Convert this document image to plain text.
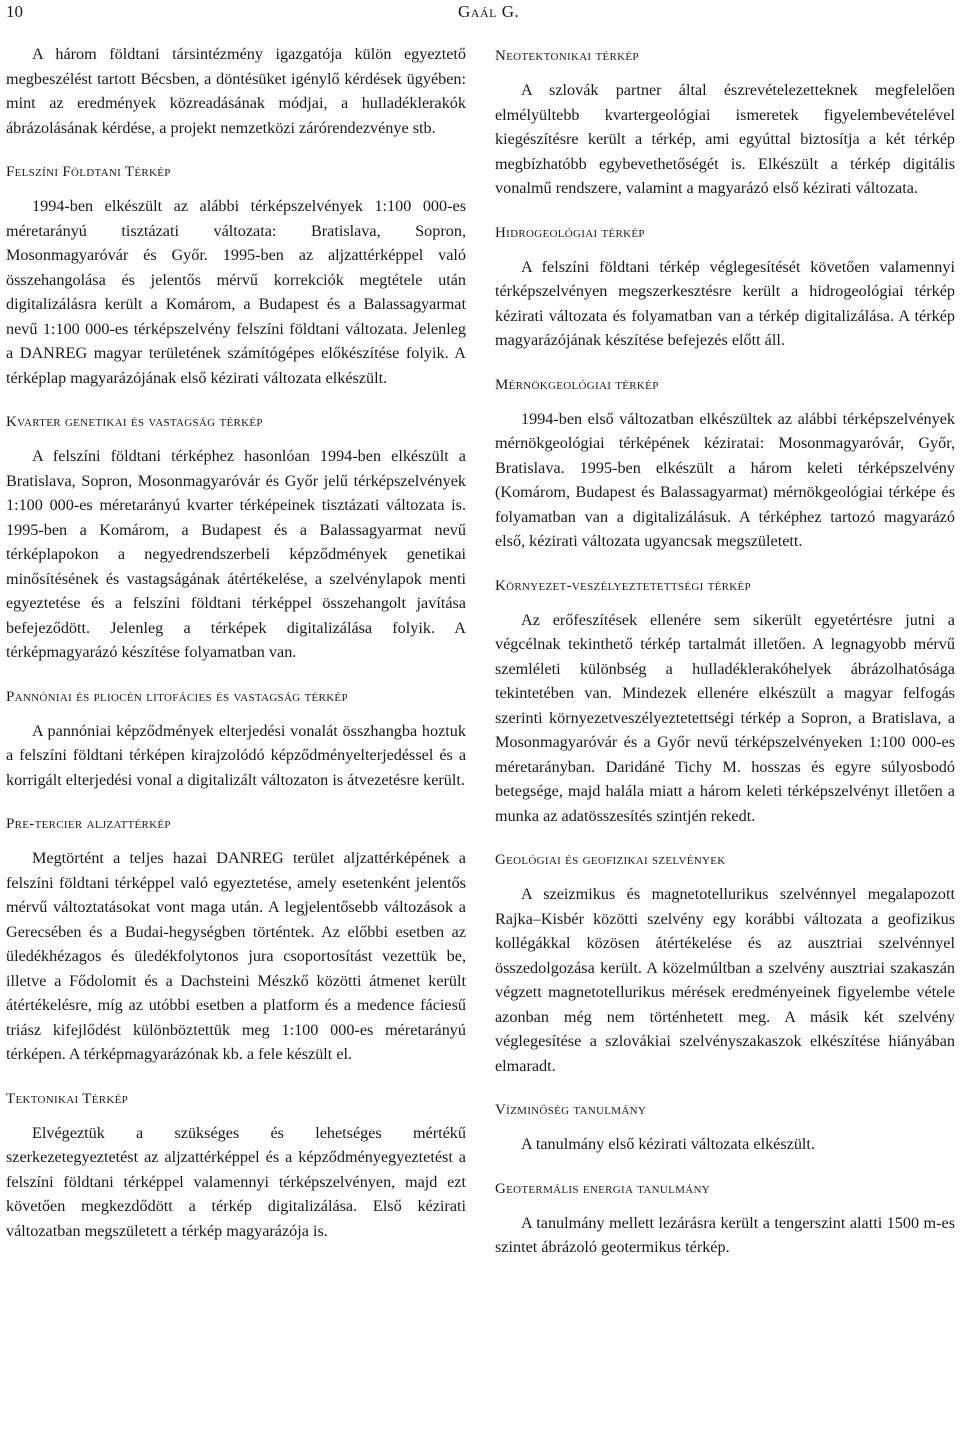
10	Gaál G.

A három földtani társintézmény igazgatója külön egyeztető megbeszélést tartott Bécsben, a döntésüket igénylő kérdések ügyében: mint az eredmények közreadásának módjai, a hulladéklerakók ábrázolásának kérdése, a projekt nemzetközi zárórendezvénye stb.

Felszíni Földtani Térkép

1994-ben elkészült az alábbi térképszelvények 1:100 000-es méretarányú tisztázati változata: Bratislava, Sopron, Mosonmagyaróvár és Győr. 1995-ben az aljzattérképpel való összehangolása és jelentős mérvű korrekciók megtétele után digitalizálásra került a Komárom, a Budapest és a Balassagyarmat nevű 1:100 000-es térképszelvény felszíni földtani változata. Jelenleg a DANREG magyar területének számítógépes előkészítése folyik. A térképlap magyarázójának első kézirati változata elkészült.

Kvarter genetikai és vastagság térkép

A felszíni földtani térképhez hasonlóan 1994-ben elkészült a Bratislava, Sopron, Mosonmagyaróvár és Győr jelű térképszelvények 1:100 000-es méretarányú kvarter térképeinek tisztázati változata is. 1995-ben a Komárom, a Budapest és a Balassagyarmat nevű térképlapokon a negyedrendszerbeli képződmények genetikai minősítésének és vastagságának átértékelése, a szelvénylapok menti egyeztetése és a felszíni földtani térképpel összehangolt javítása befejeződött. Jelenleg a térképek digitalizálása folyik. A térképmagyarázó készítése folyamatban van.

Pannóniai és pliocén litofácies és vastagság térkép

A pannóniai képződmények elterjedési vonalát összhangba hoztuk a felszíni földtani térképen kirajzolódó képződményelterjedéssel és a korrigált elterjedési vonal a digitalizált változaton is átvezetésre került.

Pre-tercier aljzattérkép

Megtörtént a teljes hazai DANREG terület aljzattérképének a felszíni földtani térképpel való egyeztetése, amely esetenként jelentős mérvű változtatásokat vont maga után. A legjelentősebb változások a Gerecsében és a Budai-hegységben történtek. Az előbbi esetben az üledékhézagos és üledékfolytonos jura csoportosítást vezettük be, illetve a Fődolomit és a Dachsteini Mészkő közötti átmenet került átértékelésre, míg az utóbbi esetben a platform és a medence fáciesű triász kifejlődést különböztettük meg 1:100 000-es méretarányú térképen. A térképmagyarázónak kb. a fele készült el.

Tektonikai Térkép

Elvégeztük a szükséges és lehetséges mértékű szerkezetegyeztetést az aljzattérképpel és a képződményegyeztetést a felszíni földtani térképpel valamennyi térképszelvényen, majd ezt követően megkezdődött a térkép digitalizálása. Első kézirati változatban megszületett a térkép magyarázója is.

Neotektonikai térkép

A szlovák partner által észrevételezetteknek megfelelően elmélyültebb kvartergeológiai ismeretek figyelembevételével kiegészítésre került a térkép, ami egyúttal biztosítja a két térkép megbízhatóbb egybevethetőségét is. Elkészült a térkép digitális vonalmű rendszere, valamint a magyarázó első kézirati változata.

Hidrogeológiai térkép

A felszíni földtani térkép véglegesítését követően valamennyi térképszelvényen megszerkesztésre került a hidrogeológiai térkép kézirati változata és folyamatban van a térkép digitalizálása. A térkép magyarázójának készítése befejezés előtt áll.

Mérnökgeológiai térkép

1994-ben első változatban elkészültek az alábbi térképszelvények mérnökgeológiai térképének kéziratai: Mosonmagyaróvár, Győr, Bratislava. 1995-ben elkészült a három keleti térképszelvény (Komárom, Budapest és Balassagyarmat) mérnökgeológiai térképe és folyamatban van a digitalizálásuk. A térképhez tartozó magyarázó első, kézirati változata ugyancsak megszületett.

Környezet-veszélyeztetettségi térkép

Az erőfeszítések ellenére sem sikerült egyetértésre jutni a végcélnak tekinthető térkép tartalmát illetően. A legnagyobb mérvű szemléleti különbség a hulladéklerakóhelyek ábrázolhatósága tekintetében van. Mindezek ellenére elkészült a magyar felfogás szerinti környezetveszélyeztetettségi térkép a Sopron, a Bratislava, a Mosonmagyaróvár és a Győr nevű térképszelvényeken 1:100 000-es méretarányban. Daridáné Tichy M. hosszas és egyre súlyosbodó betegsége, majd halála miatt a három keleti térképszelvényt illetően a munka az adatösszesítés szintjén rekedt.

Geológiai és geofizikai szelvények

A szeizmikus és magnetotellurikus szelvénnyel megalapozott Rajka–Kisbér közötti szelvény egy korábbi változata a geofizikus kollégákkal közösen átértékelése és az ausztriai szelvénnyel összedolgozása került. A közelmúltban a szelvény ausztriai szakaszán végzett magnetotellurikus mérések eredményeinek figyelembe vétele azonban még nem történhetett meg. A másik két szelvény véglegesítése a szlovákiai szelvényszakaszok elkészítése hiányában elmaradt.

Vízminőség tanulmány

A tanulmány első kézirati változata elkészült.

Geotermális energia tanulmány

A tanulmány mellett lezárásra került a tengerszint alatti 1500 m-es szintet ábrázoló geotermikus térkép.
